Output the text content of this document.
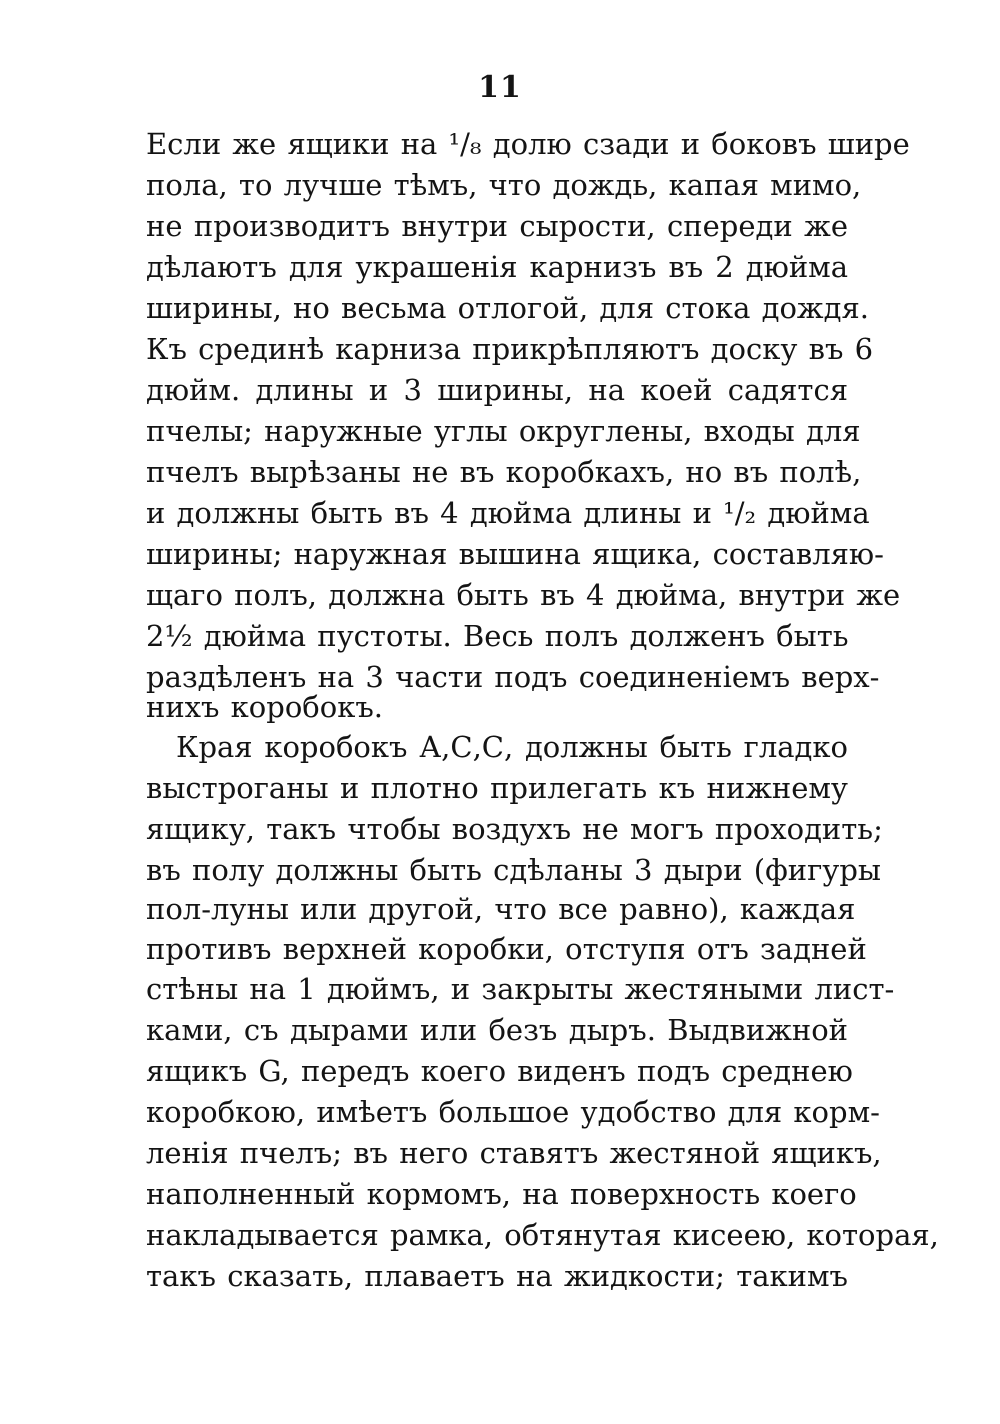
11
Если же ящики на ¹/₈ долю сзади и боковъ шире
пола, то лучше тѣмъ, что дождь, капая мимо,
не производитъ внутри сырости, спереди же
дѣлаютъ для украшенія карнизъ въ 2 дюйма
ширины, но весьма отлогой, для стока дождя.
Къ срединѣ карниза прикрѣпляютъ доску въ 6
дюйм. длины и 3 ширины, на коей садятся
пчелы; наружные углы округлены, входы для
пчелъ вырѣзаны не въ коробкахъ, но въ полѣ,
и должны быть въ 4 дюйма длины и ¹/₂ дюйма
ширины; наружная вышина ящика, составляю-
щаго полъ, должна быть въ 4 дюйма, внутри же
2½ дюйма пустоты. Весь полъ долженъ быть
раздѣленъ на 3 части подъ соединеніемъ верх-
нихъ коробокъ.
Края коробокъ А,С,С, должны быть гладко
выстроганы и плотно прилегать къ нижнему
ящику, такъ чтобы воздухъ не могъ проходить;
въ полу должны быть сдѣланы 3 дыри (фигуры
пол-луны или другой, что все равно), каждая
противъ верхней коробки, отступя отъ задней
стѣны на 1 дюймъ, и закрыты жестяными лист-
ками, съ дырами или безъ дыръ. Выдвижной
ящикъ G, передъ коего виденъ подъ среднею
коробкою, имѣетъ большое удобство для корм-
ленія пчелъ; въ него ставятъ жестяной ящикъ,
наполненный кормомъ, на поверхность коего
накладывается рамка, обтянутая кисеею, которая,
такъ сказать, плаваетъ на жидкости; такимъ
